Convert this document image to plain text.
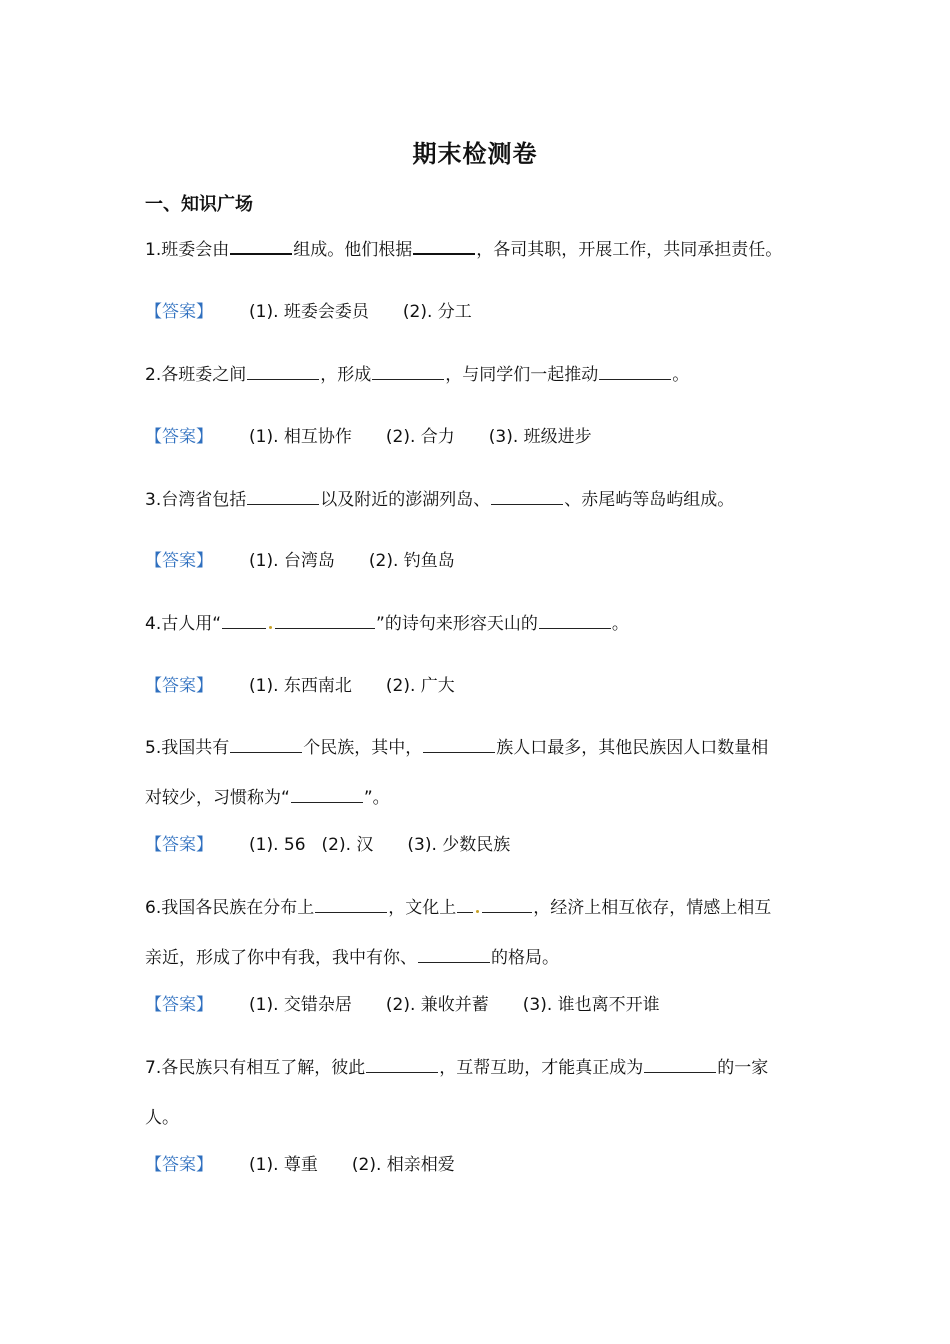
期末检测卷
一、知识广场
1.班委会由	组成。他们根据	，各司其职，开展工作，共同承担责任。
【答案】 (1). 班委会委员 (2). 分工
2.各班委之间	，形成	，与同学们一起推动	。
【答案】 (1). 相互协作 (2). 合力 (3). 班级进步
3.台湾省包括	以及附近的澎湖列岛、	、赤尾屿等岛屿组成。
【答案】 (1). 台湾岛 (2). 钓鱼岛
4.古人用“	”的诗句来形容天山的	。
【答案】 (1). 东西南北 (2). 广大
5.我国共有	个民族，其中，	族人口最多，其他民族因人口数量相
对较少，习惯称为“	”。
【答案】 (1). 56 (2). 汉 (3). 少数民族
6.我国各民族在分布上	，文化上	，经济上相互依存，情感上相互
亲近，形成了你中有我，我中有你、	的格局。
【答案】 (1). 交错杂居 (2). 兼收并蓄 (3). 谁也离不开谁
7.各民族只有相互了解，彼此	，互帮互助，才能真正成为	的一家
人。
【答案】 (1). 尊重 (2). 相亲相爱
